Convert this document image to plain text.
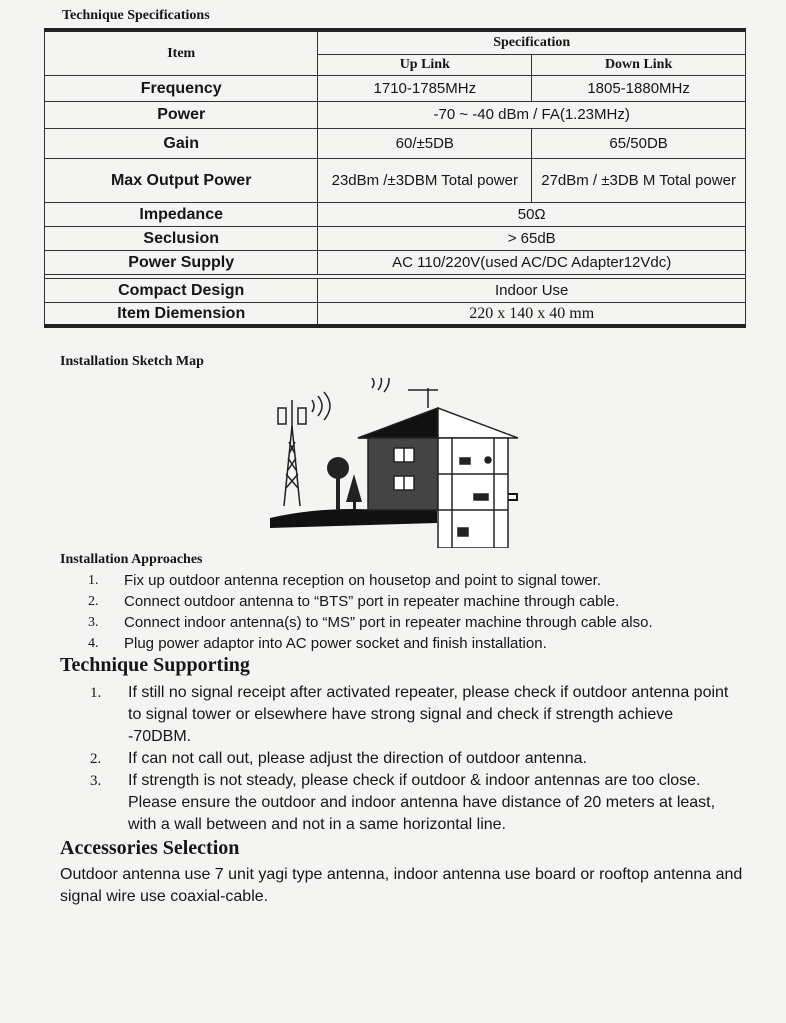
Technique Specifications
Item	Specification	
	Up Link	Down Link
Frequency	1710-1785MHz	1805-1880MHz
Power	-70 ~ -40 dBm / FA(1.23MHz)	
Gain	60/±5DB	65/50DB
Max Output Power	23dBm /±3DBM Total power	27dBm / ±3DB M Total power
Impedance	50Ω	
Seclusion	> 65dB	
Power Supply	AC 110/220V(used AC/DC Adapter12Vdc)	

Compact Design	Indoor Use	
Item Diemension	220 x 140 x 40 mm	
Installation Sketch Map
Installation Approaches
1.	Fix up outdoor antenna reception on housetop and point to signal tower.
2.	Connect outdoor antenna to “BTS” port in repeater machine through cable.
3.	Connect indoor antenna(s) to “MS” port in repeater machine through cable also.
4.	Plug power adaptor into AC power socket and finish installation.
Technique Supporting
1.	If still no signal receipt after activated repeater, please check if outdoor antenna point to signal tower or elsewhere have strong signal and check if strength achieve -70DBM.
2.	If can not call out, please adjust the direction of outdoor antenna.
3.	If strength is not steady, please check if outdoor & indoor antennas are too close. Please ensure the outdoor and indoor antenna have distance of 20 meters at least, with a wall between and not in a same horizontal line.
Accessories Selection
Outdoor antenna use 7 unit yagi type antenna, indoor antenna use board or rooftop antenna and signal wire use coaxial-cable.
